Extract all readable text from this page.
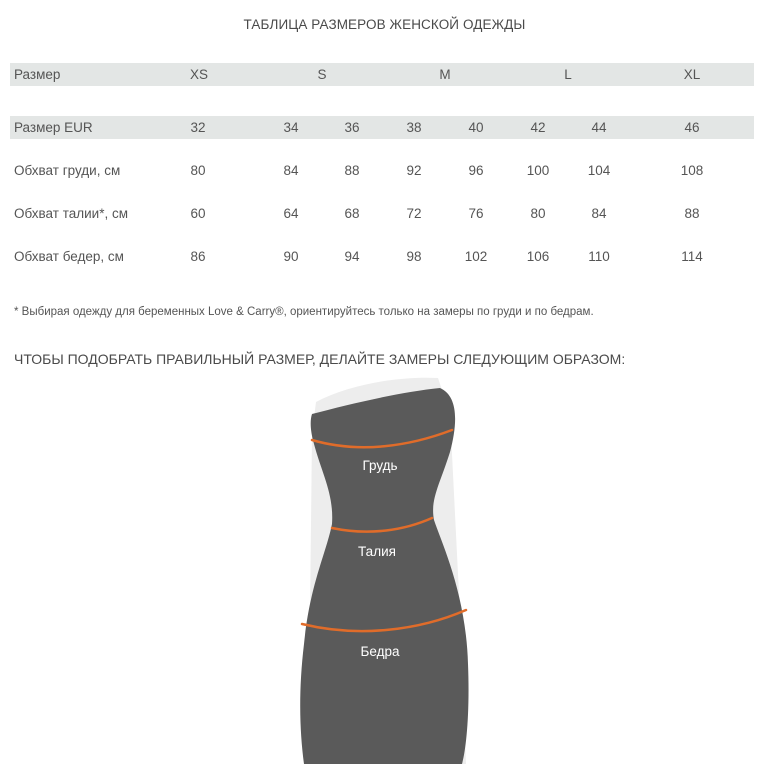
ТАБЛИЦА РАЗМЕРОВ ЖЕНСКОЙ ОДЕЖДЫ
Размер	XS	S	M	L	XL
Размер EUR	32	34	36	38	40	42	44	46
Обхват груди, см	80	84	88	92	96	100	104	108
Обхват талии*, см	60	64	68	72	76	80	84	88
Обхват бедер, см	86	90	94	98	102	106	110	114
* Выбирая одежду для беременных Love & Carry®, ориентируйтесь только на замеры по груди и по бедрам.
ЧТОБЫ ПОДОБРАТЬ ПРАВИЛЬНЫЙ РАЗМЕР, ДЕЛАЙТЕ ЗАМЕРЫ СЛЕДУЮЩИМ ОБРАЗОМ:
Грудь
Талия
Бедра
